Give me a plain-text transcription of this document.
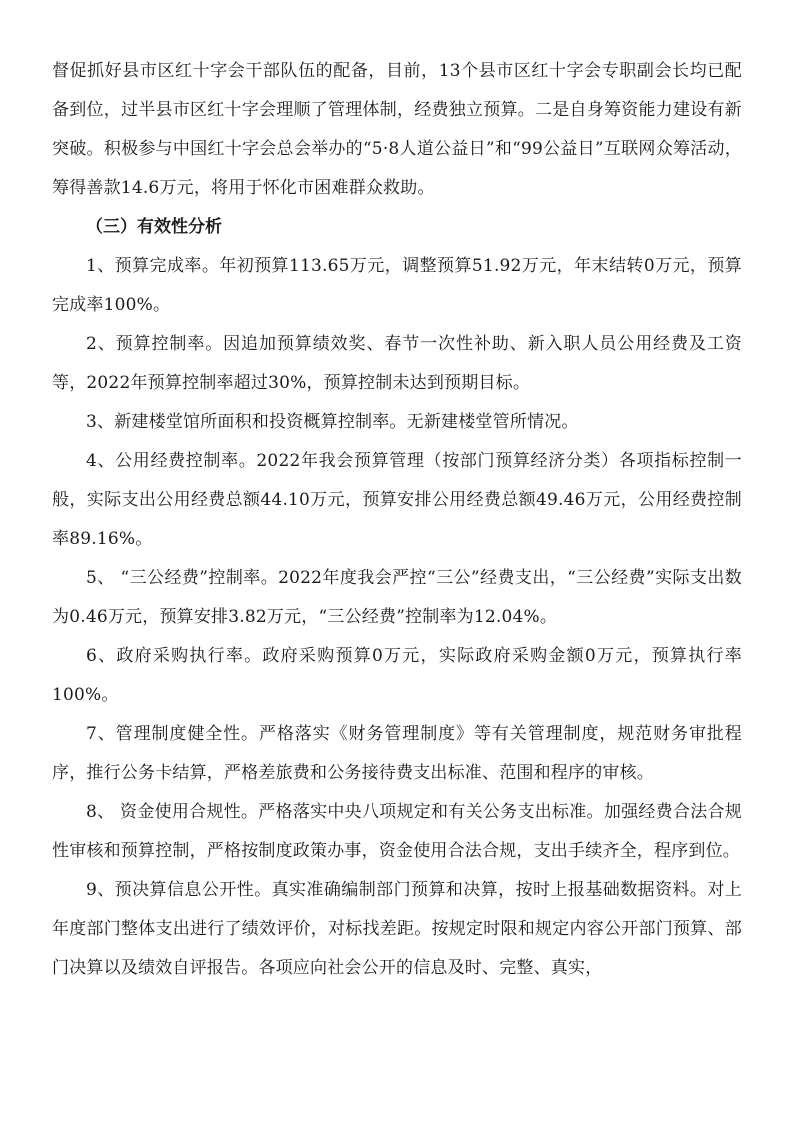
督促抓好县市区红十字会干部队伍的配备，目前，13个县市区红十字会专职副会长均已配备到位，过半县市区红十字会理顺了管理体制，经费独立预算。二是自身筹资能力建设有新突破。积极参与中国红十字会总会举办的“5·8人道公益日”和“99公益日”互联网众筹活动，筹得善款14.6万元，将用于怀化市困难群众救助。

（三）有效性分析

1、预算完成率。年初预算113.65万元，调整预算51.92万元，年末结转0万元，预算完成率100%。

2、预算控制率。因追加预算绩效奖、春节一次性补助、新入职人员公用经费及工资等，2022年预算控制率超过30%，预算控制未达到预期目标。

3、新建楼堂馆所面积和投资概算控制率。无新建楼堂管所情况。

4、公用经费控制率。2022年我会预算管理（按部门预算经济分类）各项指标控制一般，实际支出公用经费总额44.10万元，预算安排公用经费总额49.46万元，公用经费控制率89.16%。

5、 “三公经费”控制率。2022年度我会严控“三公”经费支出，“三公经费”实际支出数为0.46万元，预算安排3.82万元，“三公经费”控制率为12.04%。

6、政府采购执行率。政府采购预算0万元，实际政府采购金额0万元，预算执行率100%。

7、管理制度健全性。严格落实《财务管理制度》等有关管理制度，规范财务审批程序，推行公务卡结算，严格差旅费和公务接待费支出标准、范围和程序的审核。

8、 资金使用合规性。严格落实中央八项规定和有关公务支出标准。加强经费合法合规性审核和预算控制，严格按制度政策办事，资金使用合法合规，支出手续齐全，程序到位。

9、预决算信息公开性。真实准确编制部门预算和决算，按时上报基础数据资料。对上年度部门整体支出进行了绩效评价，对标找差距。按规定时限和规定内容公开部门预算、部门决算以及绩效自评报告。各项应向社会公开的信息及时、完整、真实，
